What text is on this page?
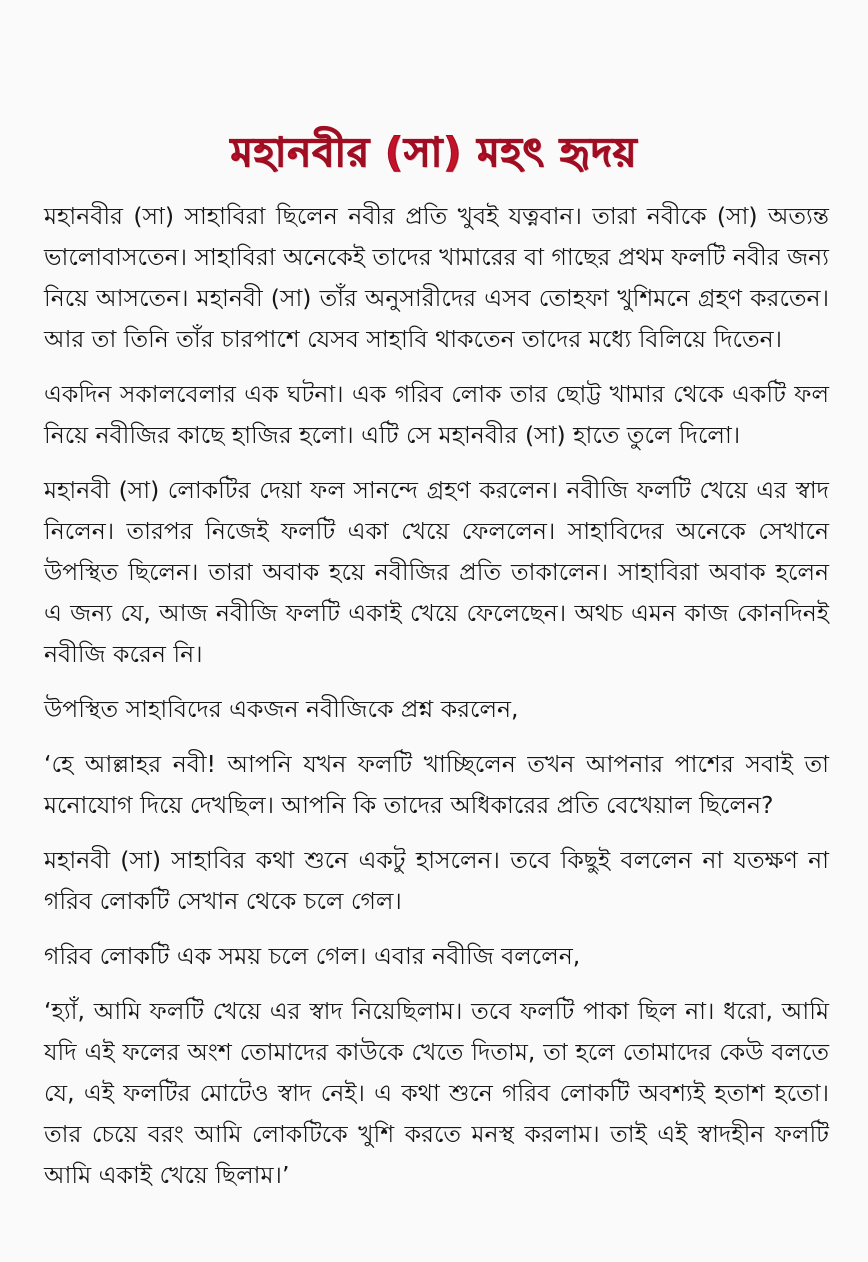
মহানবীর (সা) মহৎ হৃদয়

মহানবীর (সা) সাহাবিরা ছিলেন নবীর প্রতি খুবই যত্নবান। তারা নবীকে (সা) অত্যন্ত ভালোবাসতেন। সাহাবিরা অনেকেই তাদের খামারের বা গাছের প্রথম ফলটি নবীর জন্য নিয়ে আসতেন। মহানবী (সা) তাঁর অনুসারীদের এসব তোহফা খুশিমনে গ্রহণ করতেন। আর তা তিনি তাঁর চারপাশে যেসব সাহাবি থাকতেন তাদের মধ্যে বিলিয়ে দিতেন।

একদিন সকালবেলার এক ঘটনা। এক গরিব লোক তার ছোট্ট খামার থেকে একটি ফল নিয়ে নবীজির কাছে হাজির হলো। এটি সে মহানবীর (সা) হাতে তুলে দিলো।

মহানবী (সা) লোকটির দেয়া ফল সানন্দে গ্রহণ করলেন। নবীজি ফলটি খেয়ে এর স্বাদ নিলেন। তারপর নিজেই ফলটি একা খেয়ে ফেললেন। সাহাবিদের অনেকে সেখানে উপস্থিত ছিলেন। তারা অবাক হয়ে নবীজির প্রতি তাকালেন। সাহাবিরা অবাক হলেন এ জন্য যে, আজ নবীজি ফলটি একাই খেয়ে ফেলেছেন। অথচ এমন কাজ কোনদিনই নবীজি করেন নি।

উপস্থিত সাহাবিদের একজন নবীজিকে প্রশ্ন করলেন,

‘হে আল্লাহর নবী! আপনি যখন ফলটি খাচ্ছিলেন তখন আপনার পাশের সবাই তা মনোযোগ দিয়ে দেখছিল। আপনি কি তাদের অধিকারের প্রতি বেখেয়াল ছিলেন?

মহানবী (সা) সাহাবির কথা শুনে একটু হাসলেন। তবে কিছুই বললেন না যতক্ষণ না গরিব লোকটি সেখান থেকে চলে গেল।

গরিব লোকটি এক সময় চলে গেল। এবার নবীজি বললেন,

‘হ্যাঁ, আমি ফলটি খেয়ে এর স্বাদ নিয়েছিলাম। তবে ফলটি পাকা ছিল না। ধরো, আমি যদি এই ফলের অংশ তোমাদের কাউকে খেতে দিতাম, তা হলে তোমাদের কেউ বলতে যে, এই ফলটির মোটেও স্বাদ নেই। এ কথা শুনে গরিব লোকটি অবশ্যই হতাশ হতো। তার চেয়ে বরং আমি লোকটিকে খুশি করতে মনস্থ করলাম। তাই এই স্বাদহীন ফলটি আমি একাই খেয়ে ছিলাম।’
